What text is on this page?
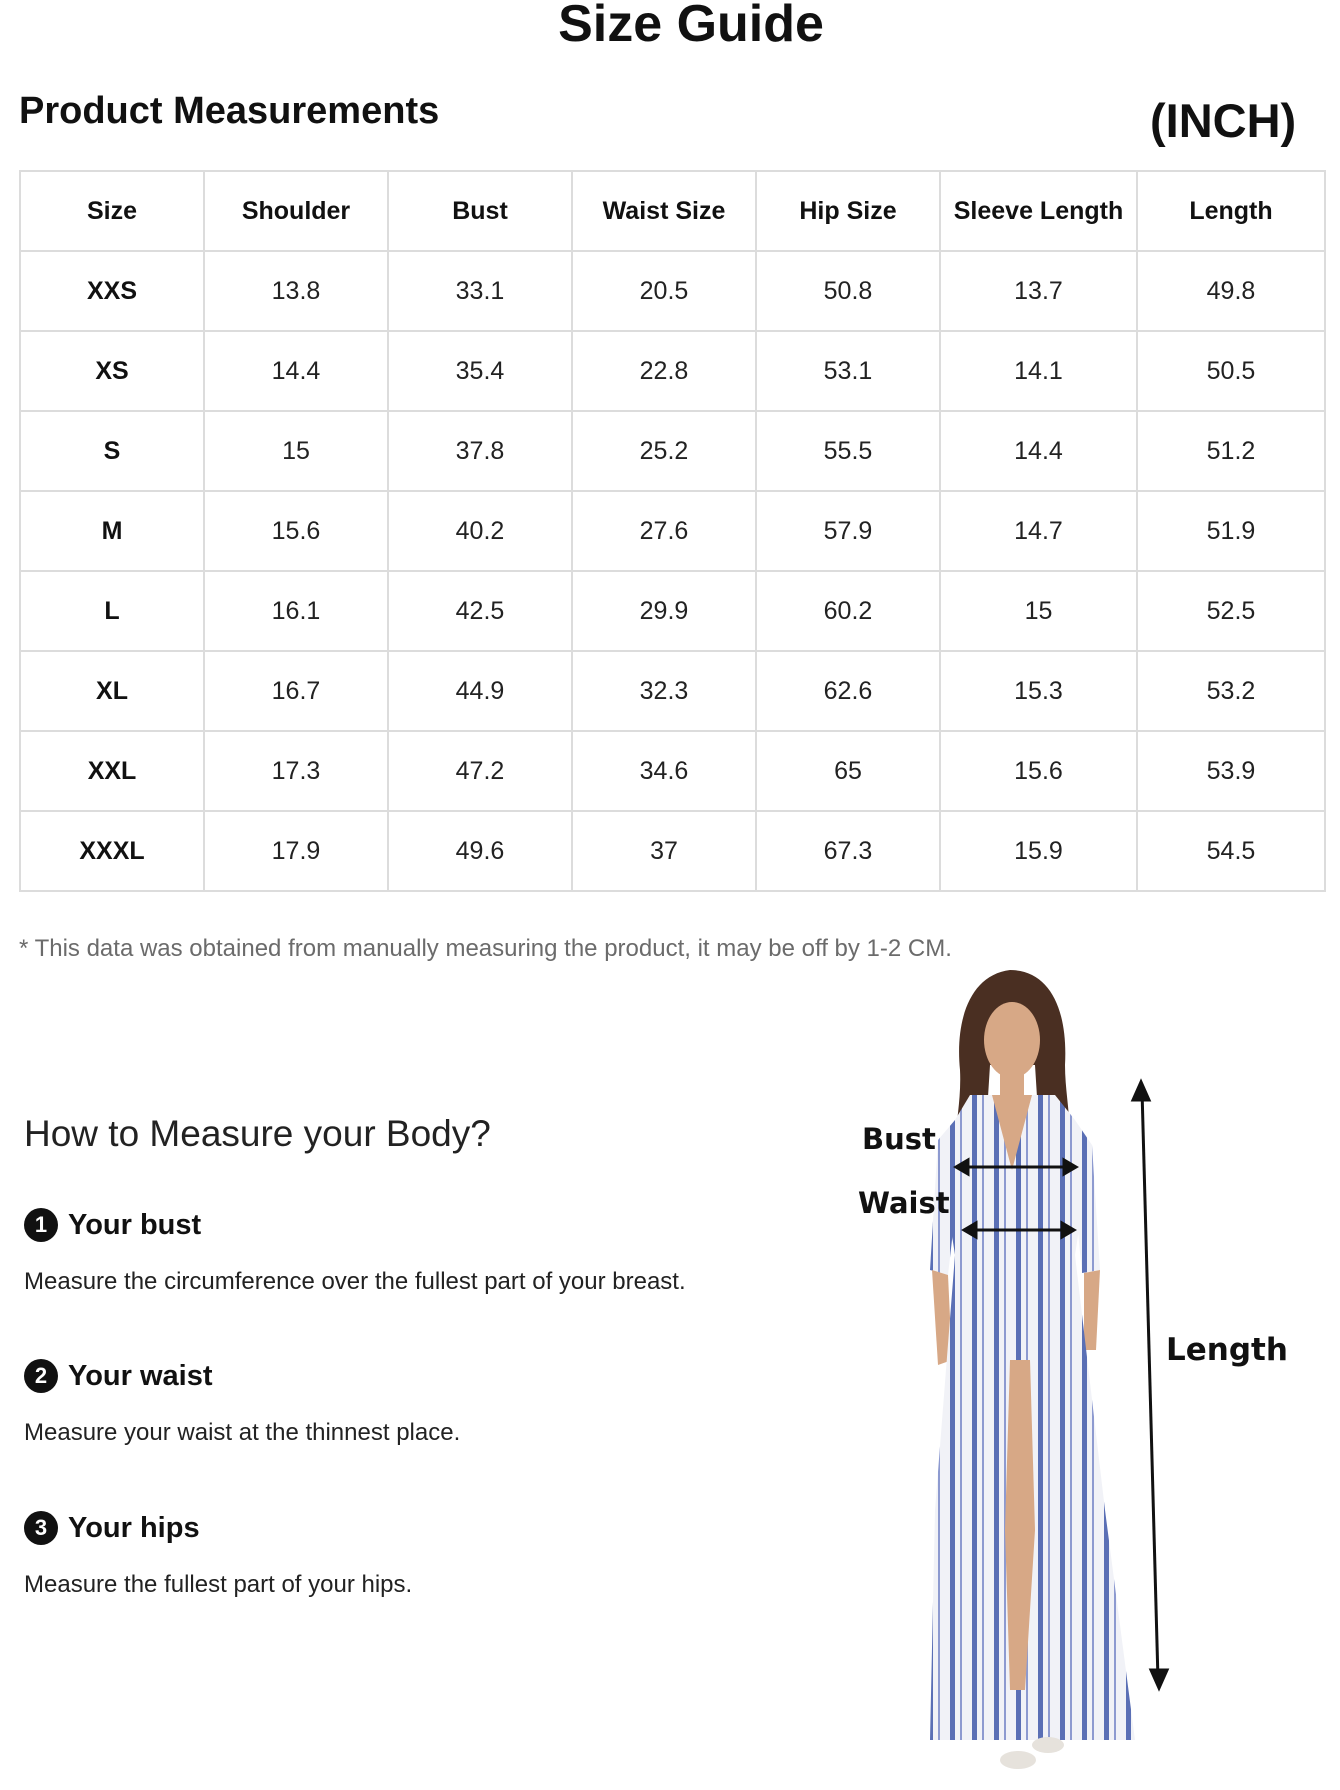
Size Guide
Product Measurements	(INCH)
Size	Shoulder	Bust	Waist Size	Hip Size	Sleeve Length	Length
XXS	13.8	33.1	20.5	50.8	13.7	49.8
XS	14.4	35.4	22.8	53.1	14.1	50.5
S	15	37.8	25.2	55.5	14.4	51.2
M	15.6	40.2	27.6	57.9	14.7	51.9
L	16.1	42.5	29.9	60.2	15	52.5
XL	16.7	44.9	32.3	62.6	15.3	53.2
XXL	17.3	47.2	34.6	65	15.6	53.9
XXXL	17.9	49.6	37	67.3	15.9	54.5
* This data was obtained from manually measuring the product, it may be off by 1-2 CM.
How to Measure your Body?
1 Your bust
Measure the circumference over the fullest part of your breast.
2 Your waist
Measure your waist at the thinnest place.
3 Your hips
Measure the fullest part of your hips.
Bust
Waist
Length
